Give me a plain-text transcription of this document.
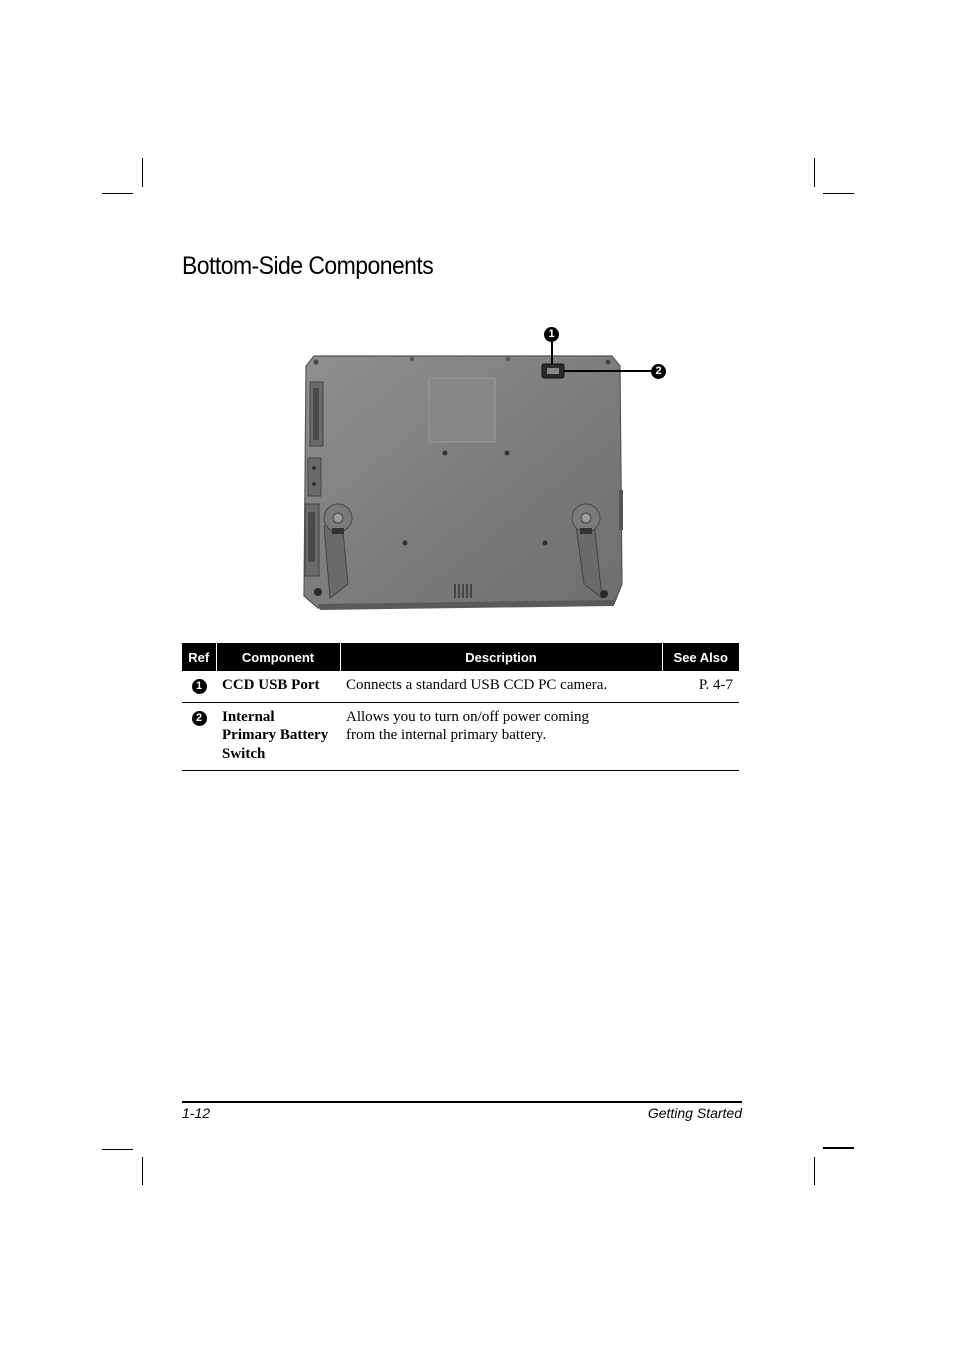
Bottom-Side Components
1
2
Ref	Component	Description	See Also
1	CCD USB Port	Connects a standard USB CCD PC camera.	P. 4-7
2	Internal Primary Battery Switch	Allows you to turn on/off power coming from the internal primary battery.	
1-12	Getting Started
